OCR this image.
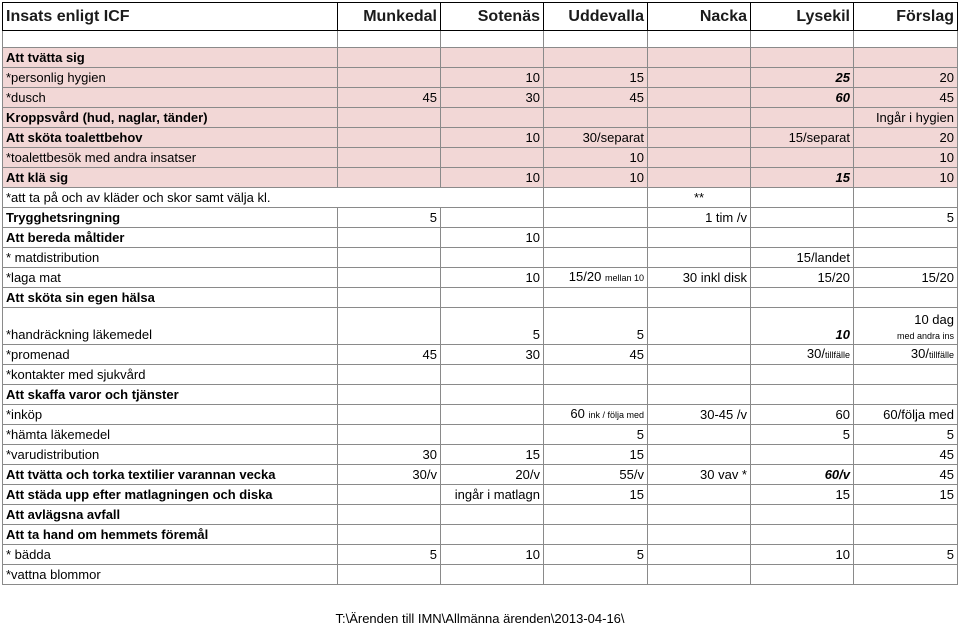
Insats enligt ICF	Munkedal	Sotenäs	Uddevalla	Nacka	Lysekil	Förslag

Att tvätta sig						
*personlig hygien		10	15		25	20
*dusch	45	30	45		60	45
Kroppsvård (hud, naglar, tänder)						Ingår i hygien
Att sköta toalettbehov		10	30/separat		15/separat	20
*toalettbesök med andra insatser			10			10
Att klä sig		10	10		15	10
*att ta på och av kläder och skor samt välja kl.				**		
Trygghetsringning	5			1 tim /v		5
Att bereda måltider		10				
* matdistribution					15/landet	
*laga mat		10	15/20 mellan 10	30 inkl disk	15/20	15/20
Att sköta sin egen hälsa						
*handräckning läkemedel		5	5		10	10 dag
med andra ins

*promenad	45	30	45		30/tillfälle	30/tillfälle
*kontakter med sjukvård						
Att skaffa varor och tjänster						
*inköp			60 ink / följa med	30-45 /v	60	60/följa med
*hämta läkemedel			5		5	5
*varudistribution	30	15	15			45
Att tvätta och torka textilier varannan vecka	30/v	20/v	55/v	30 vav *	60/v	45
Att städa upp efter matlagningen och diska		ingår i matlagn	15		15	15
Att avlägsna avfall						
Att ta hand om hemmets föremål						
* bädda	5	10	5		10	5
*vattna blommor						
T:\Ärenden till IMN\Allmänna ärenden\2013-04-16\
